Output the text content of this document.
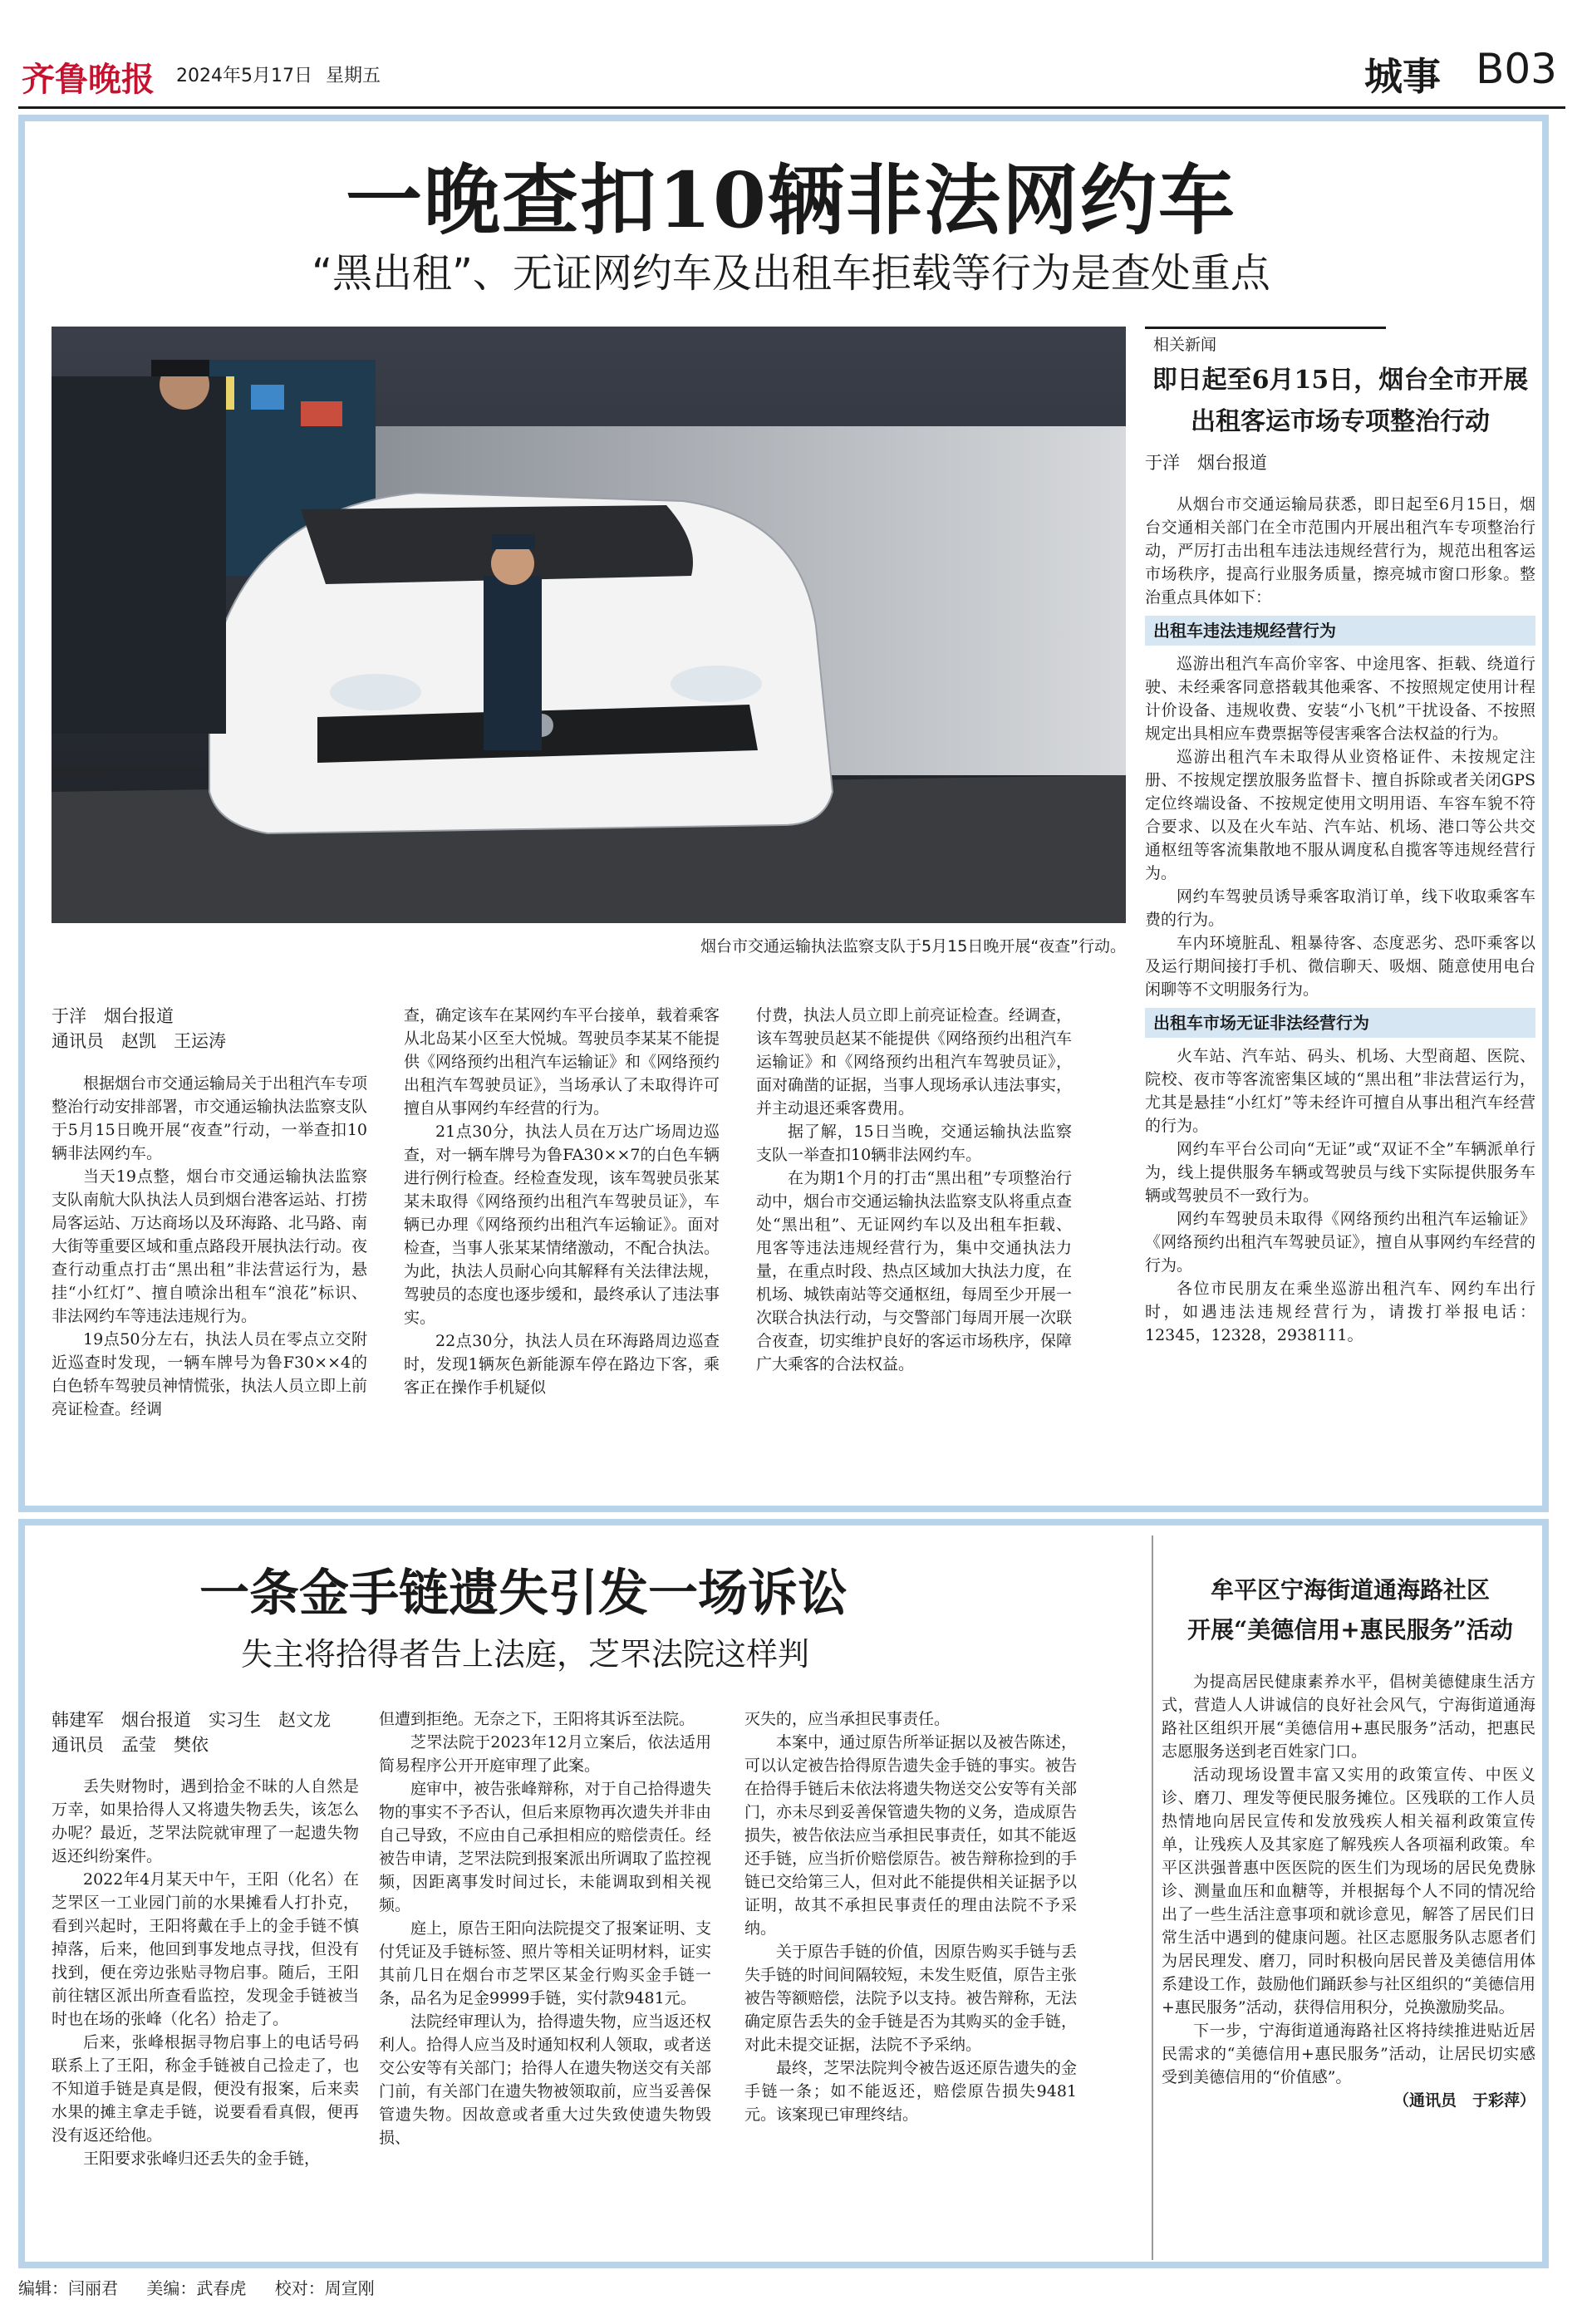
齐鲁晚报 2024年5月17日 星期五	城事 B03
一晚查扣10辆非法网约车
“黑出租”、无证网约车及出租车拒载等行为是查处重点
烟台市交通运输执法监察支队于5月15日晚开展“夜查”行动。
相关新闻
即日起至6月15日，烟台全市开展
出租客运市场专项整治行动
于洋　烟台报道

从烟台市交通运输局获悉，即日起至6月15日，烟台交通相关部门在全市范围内开展出租汽车专项整治行动，严厉打击出租车违法违规经营行为，规范出租客运市场秩序，提高行业服务质量，擦亮城市窗口形象。整治重点具体如下：

出租车违法违规经营行为

巡游出租汽车高价宰客、中途甩客、拒载、绕道行驶、未经乘客同意搭载其他乘客、不按照规定使用计程计价设备、违规收费、安装“小飞机”干扰设备、不按照规定出具相应车费票据等侵害乘客合法权益的行为。

巡游出租汽车未取得从业资格证件、未按规定注册、不按规定摆放服务监督卡、擅自拆除或者关闭GPS定位终端设备、不按规定使用文明用语、车容车貌不符合要求、以及在火车站、汽车站、机场、港口等公共交通枢纽等客流集散地不服从调度私自揽客等违规经营行为。

网约车驾驶员诱导乘客取消订单，线下收取乘客车费的行为。

车内环境脏乱、粗暴待客、态度恶劣、恐吓乘客以及运行期间接打手机、微信聊天、吸烟、随意使用电台闲聊等不文明服务行为。

出租车市场无证非法经营行为

火车站、汽车站、码头、机场、大型商超、医院、院校、夜市等客流密集区域的“黑出租”非法营运行为，尤其是悬挂“小红灯”等未经许可擅自从事出租汽车经营的行为。

网约车平台公司向“无证”或“双证不全”车辆派单行为，线上提供服务车辆或驾驶员与线下实际提供服务车辆或驾驶员不一致行为。

网约车驾驶员未取得《网络预约出租汽车运输证》《网络预约出租汽车驾驶员证》，擅自从事网约车经营的行为。

各位市民朋友在乘坐巡游出租汽车、网约车出行时，如遇违法违规经营行为，请拨打举报电话：12345，12328，2938111。

于洋　烟台报道
通讯员　赵凯　王运涛

根据烟台市交通运输局关于出租汽车专项整治行动安排部署，市交通运输执法监察支队于5月15日晚开展“夜查”行动，一举查扣10辆非法网约车。

当天19点整，烟台市交通运输执法监察支队南航大队执法人员到烟台港客运站、打捞局客运站、万达商场以及环海路、北马路、南大街等重要区域和重点路段开展执法行动。夜查行动重点打击“黑出租”非法营运行为，悬挂“小红灯”、擅自喷涂出租车“浪花”标识、非法网约车等违法违规行为。

19点50分左右，执法人员在零点立交附近巡查时发现，一辆车牌号为鲁F30××4的白色轿车驾驶员神情慌张，执法人员立即上前亮证检查。经调

查，确定该车在某网约车平台接单，载着乘客从北岛某小区至大悦城。驾驶员李某某不能提供《网络预约出租汽车运输证》和《网络预约出租汽车驾驶员证》，当场承认了未取得许可擅自从事网约车经营的行为。

21点30分，执法人员在万达广场周边巡查，对一辆车牌号为鲁FA30××7的白色车辆进行例行检查。经检查发现，该车驾驶员张某某未取得《网络预约出租汽车驾驶员证》，车辆已办理《网络预约出租汽车运输证》。面对检查，当事人张某某情绪激动，不配合执法。为此，执法人员耐心向其解释有关法律法规，驾驶员的态度也逐步缓和，最终承认了违法事实。

22点30分，执法人员在环海路周边巡查时，发现1辆灰色新能源车停在路边下客，乘客正在操作手机疑似

付费，执法人员立即上前亮证检查。经调查，该车驾驶员赵某不能提供《网络预约出租汽车运输证》和《网络预约出租汽车驾驶员证》，面对确凿的证据，当事人现场承认违法事实，并主动退还乘客费用。

据了解，15日当晚，交通运输执法监察支队一举查扣10辆非法网约车。

在为期1个月的打击“黑出租”专项整治行动中，烟台市交通运输执法监察支队将重点查处“黑出租”、无证网约车以及出租车拒载、甩客等违法违规经营行为，集中交通执法力量，在重点时段、热点区域加大执法力度，在机场、城铁南站等交通枢纽，每周至少开展一次联合执法行动，与交警部门每周开展一次联合夜查，切实维护良好的客运市场秩序，保障广大乘客的合法权益。

一条金手链遗失引发一场诉讼
失主将拾得者告上法庭，芝罘法院这样判
韩建军　烟台报道　实习生　赵文龙
通讯员　孟莹　樊依

丢失财物时，遇到拾金不昧的人自然是万幸，如果拾得人又将遗失物丢失，该怎么办呢？最近，芝罘法院就审理了一起遗失物返还纠纷案件。

2022年4月某天中午，王阳（化名）在芝罘区一工业园门前的水果摊看人打扑克，看到兴起时，王阳将戴在手上的金手链不慎掉落，后来，他回到事发地点寻找，但没有找到，便在旁边张贴寻物启事。随后，王阳前往辖区派出所查看监控，发现金手链被当时也在场的张峰（化名）拾走了。

后来，张峰根据寻物启事上的电话号码联系上了王阳，称金手链被自己捡走了，也不知道手链是真是假，便没有报案，后来卖水果的摊主拿走手链，说要看看真假，便再没有返还给他。

王阳要求张峰归还丢失的金手链，

但遭到拒绝。无奈之下，王阳将其诉至法院。

芝罘法院于2023年12月立案后，依法适用简易程序公开开庭审理了此案。

庭审中，被告张峰辩称，对于自己拾得遗失物的事实不予否认，但后来原物再次遗失并非由自己导致，不应由自己承担相应的赔偿责任。经被告申请，芝罘法院到报案派出所调取了监控视频，因距离事发时间过长，未能调取到相关视频。

庭上，原告王阳向法院提交了报案证明、支付凭证及手链标签、照片等相关证明材料，证实其前几日在烟台市芝罘区某金行购买金手链一条，品名为足金9999手链，实付款9481元。

法院经审理认为，拾得遗失物，应当返还权利人。拾得人应当及时通知权利人领取，或者送交公安等有关部门；拾得人在遗失物送交有关部门前，有关部门在遗失物被领取前，应当妥善保管遗失物。因故意或者重大过失致使遗失物毁损、

灭失的，应当承担民事责任。

本案中，通过原告所举证据以及被告陈述，可以认定被告拾得原告遗失金手链的事实。被告在拾得手链后未依法将遗失物送交公安等有关部门，亦未尽到妥善保管遗失物的义务，造成原告损失，被告依法应当承担民事责任，如其不能返还手链，应当折价赔偿原告。被告辩称捡到的手链已交给第三人，但对此不能提供相关证据予以证明，故其不承担民事责任的理由法院不予采纳。

关于原告手链的价值，因原告购买手链与丢失手链的时间间隔较短，未发生贬值，原告主张被告等额赔偿，法院予以支持。被告辩称，无法确定原告丢失的金手链是否为其购买的金手链，对此未提交证据，法院不予采纳。

最终，芝罘法院判令被告返还原告遗失的金手链一条；如不能返还，赔偿原告损失9481元。该案现已审理终结。

牟平区宁海街道通海路社区
开展“美德信用+惠民服务”活动

为提高居民健康素养水平，倡树美德健康生活方式，营造人人讲诚信的良好社会风气，宁海街道通海路社区组织开展“美德信用+惠民服务”活动，把惠民志愿服务送到老百姓家门口。

活动现场设置丰富又实用的政策宣传、中医义诊、磨刀、理发等便民服务摊位。区残联的工作人员热情地向居民宣传和发放残疾人相关福利政策宣传单，让残疾人及其家庭了解残疾人各项福利政策。牟平区洪强普惠中医医院的医生们为现场的居民免费脉诊、测量血压和血糖等，并根据每个人不同的情况给出了一些生活注意事项和就诊意见，解答了居民们日常生活中遇到的健康问题。社区志愿服务队志愿者们为居民理发、磨刀，同时积极向居民普及美德信用体系建设工作，鼓励他们踊跃参与社区组织的“美德信用+惠民服务”活动，获得信用积分，兑换激励奖品。

下一步，宁海街道通海路社区将持续推进贴近居民需求的“美德信用+惠民服务”活动，让居民切实感受到美德信用的“价值感”。

（通讯员　于彩萍）

编辑：闫丽君 美编：武春虎 校对：周宣刚
